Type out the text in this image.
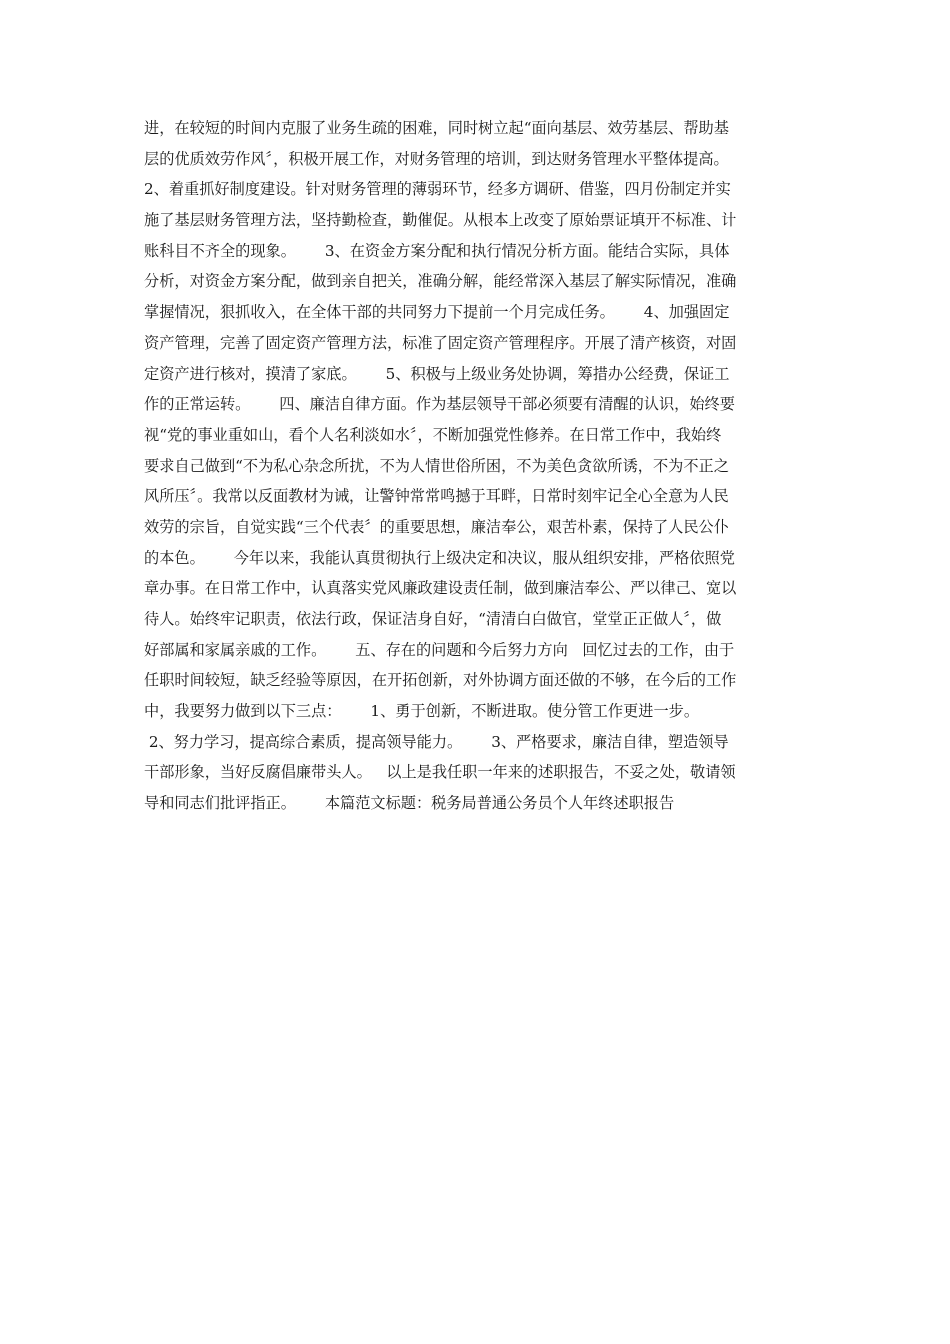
进，在较短的时间内克服了业务生疏的困难，同时树立起“面向基层、效劳基层、帮助基
层的优质效劳作风〞，积极开展工作，对财务管理的培训，到达财务管理水平整体提高。
2、着重抓好制度建设。针对财务管理的薄弱环节，经多方调研、借鉴，四月份制定并实
施了基层财务管理方法，坚持勤检查，勤催促。从根本上改变了原始票证填开不标准、计
账科目不齐全的现象。      3、在资金方案分配和执行情况分析方面。能结合实际，具体
分析，对资金方案分配，做到亲自把关，准确分解，能经常深入基层了解实际情况，准确
掌握情况，狠抓收入，在全体干部的共同努力下提前一个月完成任务。      4、加强固定
资产管理，完善了固定资产管理方法，标准了固定资产管理程序。开展了清产核资，对固
定资产进行核对，摸清了家底。      5、积极与上级业务处协调，筹措办公经费，保证工
作的正常运转。      四、廉洁自律方面。作为基层领导干部必须要有清醒的认识，始终要
视“党的事业重如山，看个人名利淡如水〞，不断加强党性修养。在日常工作中，我始终
要求自己做到“不为私心杂念所扰，不为人情世俗所困，不为美色贪欲所诱，不为不正之
风所压〞。我常以反面教材为诫，让警钟常常鸣撼于耳畔，日常时刻牢记全心全意为人民
效劳的宗旨，自觉实践“三个代表〞的重要思想，廉洁奉公，艰苦朴素，保持了人民公仆
的本色。      今年以来，我能认真贯彻执行上级决定和决议，服从组织安排，严格依照党
章办事。在日常工作中，认真落实党风廉政建设责任制，做到廉洁奉公、严以律己、宽以
待人。始终牢记职责，依法行政，保证洁身自好，“清清白白做官，堂堂正正做人〞，做
好部属和家属亲戚的工作。      五、存在的问题和今后努力方向   回忆过去的工作，由于
任职时间较短，缺乏经验等原因，在开拓创新，对外协调方面还做的不够，在今后的工作
中，我要努力做到以下三点：      1、勇于创新，不断进取。使分管工作更进一步。
2、努力学习，提高综合素质，提高领导能力。      3、严格要求，廉洁自律，塑造领导
干部形象，当好反腐倡廉带头人。   以上是我任职一年来的述职报告，不妥之处，敬请领
导和同志们批评指正。      本篇范文标题：税务局普通公务员个人年终述职报告
